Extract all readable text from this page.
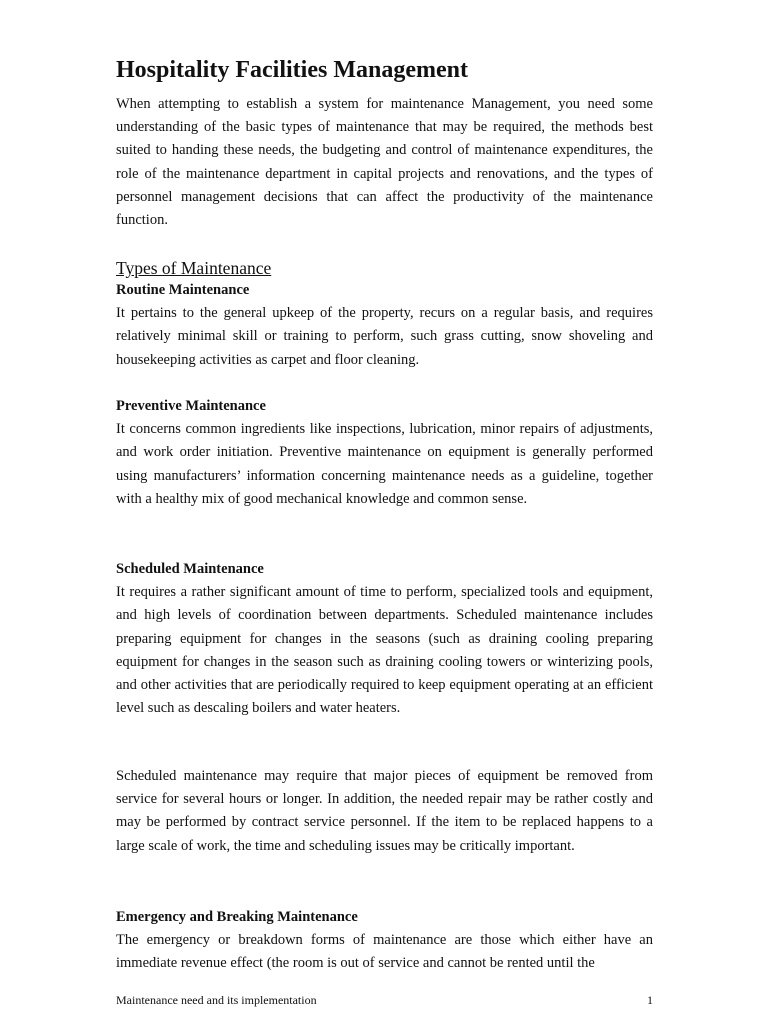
Hospitality Facilities Management

When attempting to establish a system for maintenance Management, you need some understanding of the basic types of maintenance that may be required, the methods best suited to handing these needs, the budgeting and control of maintenance expenditures, the role of the maintenance department in capital projects and renovations, and the types of personnel management decisions that can affect the productivity of the maintenance function.

Types of Maintenance
Routine Maintenance

It pertains to the general upkeep of the property, recurs on a regular basis, and requires relatively minimal skill or training to perform, such grass cutting, snow shoveling and housekeeping activities as carpet and floor cleaning.

Preventive Maintenance

It concerns common ingredients like inspections, lubrication, minor repairs of adjustments, and work order initiation. Preventive maintenance on equipment is generally performed using manufacturers’ information concerning maintenance needs as a guideline, together with a healthy mix of good mechanical knowledge and common sense.

Scheduled Maintenance

It requires a rather significant amount of time to perform, specialized tools and equipment, and high levels of coordination between departments. Scheduled maintenance includes preparing equipment for changes in the seasons (such as draining cooling preparing equipment for changes in the season such as draining cooling towers or winterizing pools, and other activities that are periodically required to keep equipment operating at an efficient level such as descaling boilers and water heaters.

Scheduled maintenance may require that major pieces of equipment be removed from service for several hours or longer. In addition, the needed repair may be rather costly and may be performed by contract service personnel. If the item to be replaced happens to a large scale of work, the time and scheduling issues may be critically important.

Emergency and Breaking Maintenance

The emergency or breakdown forms of maintenance are those which either have an immediate revenue effect (the room is out of service and cannot be rented until the

Maintenance need and its implementation	1
